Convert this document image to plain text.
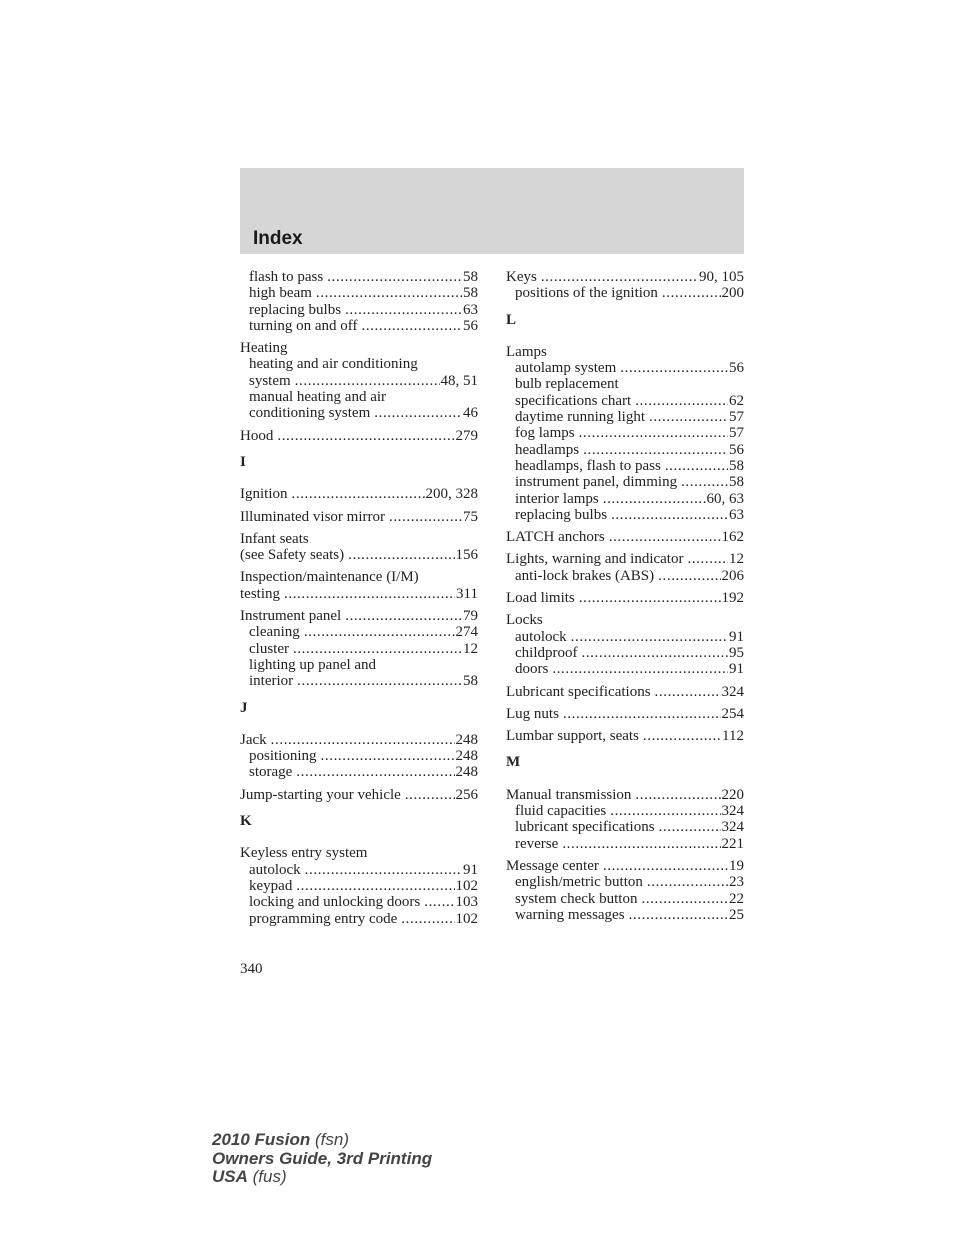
Index
flash to pass .....	58
high beam .....	58
replacing bulbs .....	63
turning on and off .....	56
Heating
heating and air conditioning
system .....	48, 51
manual heating and air
conditioning system .....	46
Hood .....	279
I
Ignition .....	200, 328
Illuminated visor mirror .....	75
Infant seats
(see Safety seats) .....	156
Inspection/maintenance (I/M)
testing .....	311
Instrument panel .....	79
cleaning .....	274
cluster .....	12
lighting up panel and
interior .....	58
J
Jack .....	248
positioning .....	248
storage .....	248
Jump-starting your vehicle .....	256
K
Keyless entry system
autolock .....	91
keypad .....	102
locking and unlocking doors ..... 103
programming entry code .....	102
Keys .....	90, 105
positions of the ignition .....	200
L
Lamps
autolamp system .....	56
bulb replacement
specifications chart .....	62
daytime running light .....	57
fog lamps .....	57
headlamps .....	56
headlamps, flash to pass .....	58
instrument panel, dimming .....	58
interior lamps .....	60, 63
replacing bulbs .....	63
LATCH anchors .....	162
Lights, warning and indicator .....	12
anti-lock brakes (ABS) .....	206
Load limits .....	192
Locks
autolock .....	91
childproof .....	95
doors .....	91
Lubricant specifications .....	324
Lug nuts .....	254
Lumbar support, seats .....	112
M
Manual transmission .....	220
fluid capacities .....	324
lubricant specifications .....	324
reverse .....	221
Message center .....	19
english/metric button .....	23
system check button .....	22
warning messages .....	25
340
2010 Fusion (fsn)
Owners Guide, 3rd Printing
USA (fus)
